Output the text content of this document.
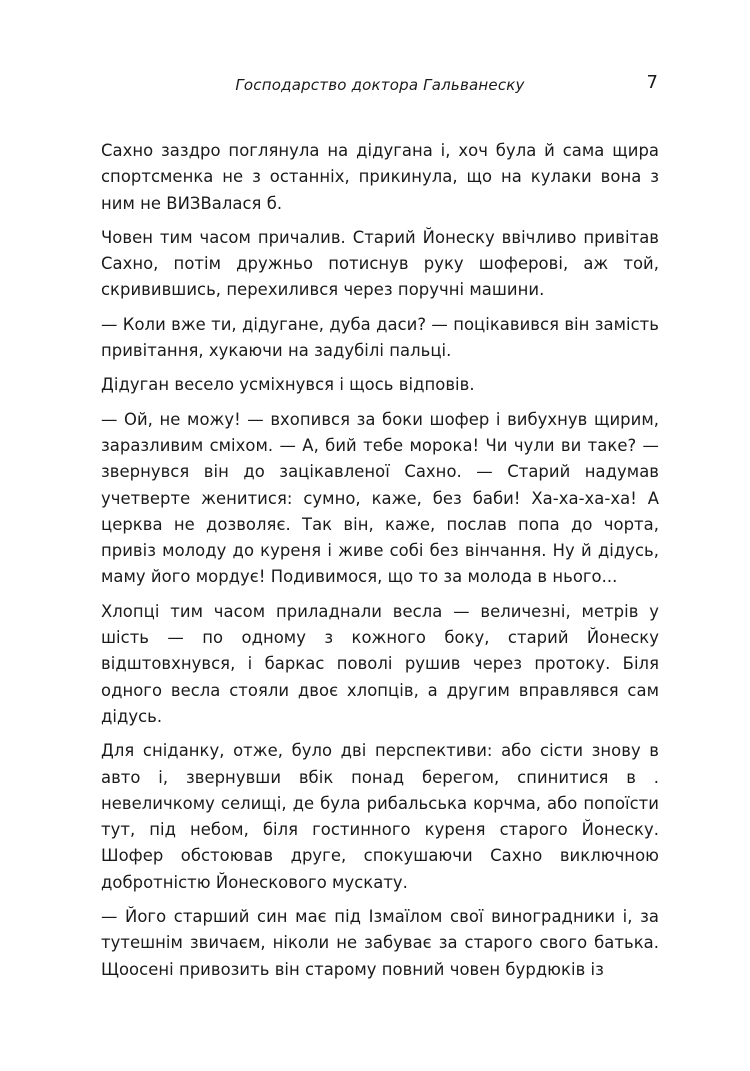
Господарство доктора Гальванеску	7

Сахно заздро поглянула на дідугана і, хоч була й сама щира спортсменка не з останніх, прикинула, що на кулаки вона з ним не ВИЗВалася б.

Човен тим часом причалив. Старий Йонеску ввічливо привітав Сахно, потім дружньо потиснув руку шоферові, аж той, скривившись, перехилився через поручні машини.

— Коли вже ти, дідугане, дуба даси? — поцікавився він замість привітання, хукаючи на задубілі пальці.

Дідуган весело усміхнувся і щось відповів.

— Ой, не можу! — вхопився за боки шофер і вибухнув щирим, заразливим сміхом. — А, бий тебе морока! Чи чули ви таке? — звернувся він до зацікавленої Сахно. — Старий надумав учетверте женитися: сумно, каже, без баби! Ха-ха-ха-ха! А церква не дозволяє. Так він, каже, послав попа до чорта, привіз молоду до куреня і живе собі без вінчання. Ну й дідусь, маму його мордує! Подивимося, що то за молода в нього...

Хлопці тим часом приладнали весла — величезні, метрів у шість — по одному з кожного боку, старий Йонеску відштовхнувся, і баркас поволі рушив через протоку. Біля одного весла стояли двоє хлопців, а другим вправлявся сам дідусь.

Для сніданку, отже, було дві перспективи: або сісти знову в авто і, звернувши вбік понад берегом, спинитися в . невеличкому селищі, де була рибальська корчма, або попоїсти тут, під небом, біля гостинного куреня старого Йонеску. Шофер обстоював друге, спокушаючи Сахно виключною добротністю Йонескового мускату.

— Його старший син має під Ізмаїлом свої виноградники і, за тутешнім звичаєм, ніколи не забуває за старого свого батька. Щоосені привозить він старому повний човен бурдюків із
